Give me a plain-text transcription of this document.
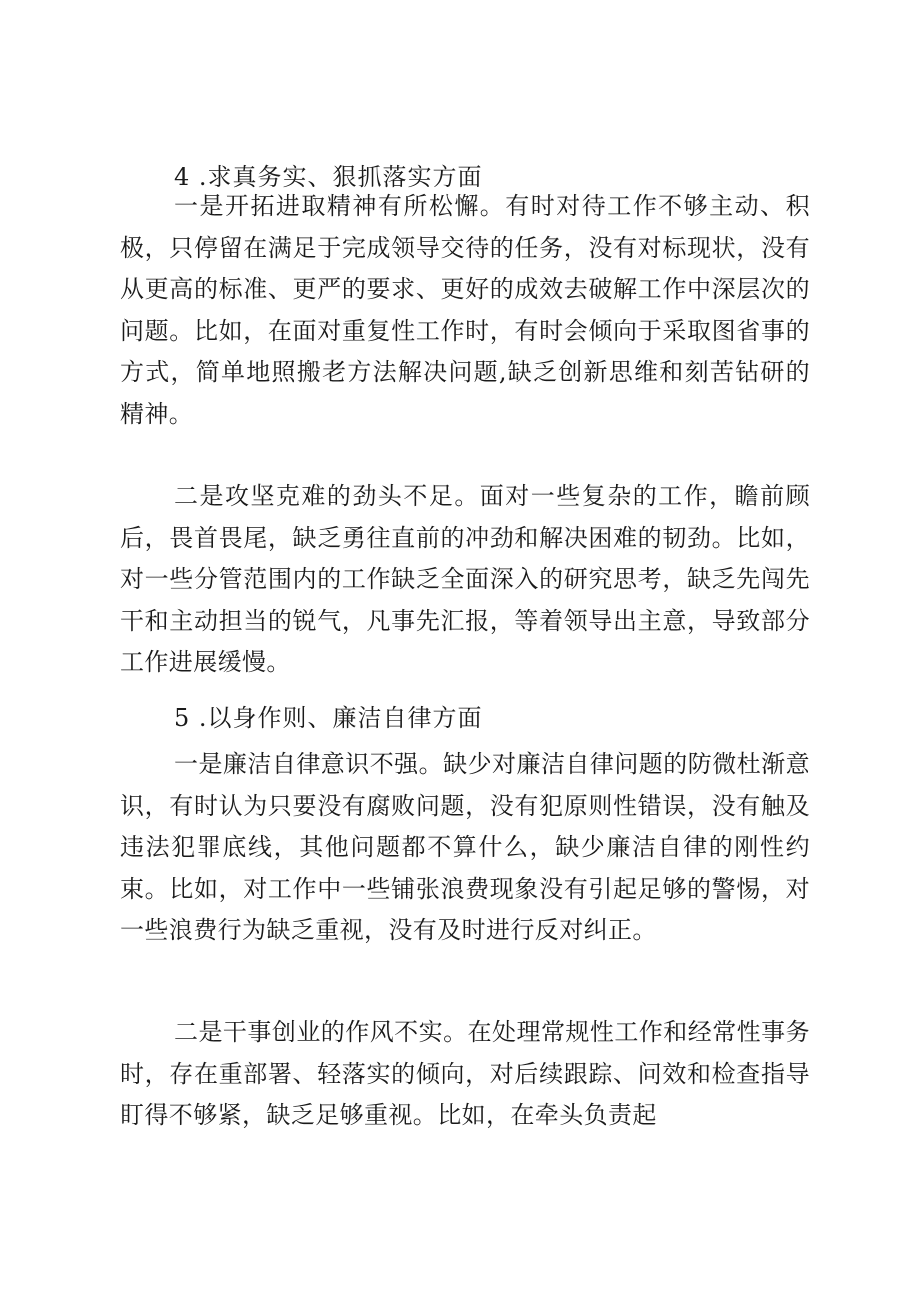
4 .求真务实、狠抓落实方面

一是开拓进取精神有所松懈。有时对待工作不够主动、积极，只停留在满足于完成领导交待的任务，没有对标现状，没有从更高的标准、更严的要求、更好的成效去破解工作中深层次的问题。比如，在面对重复性工作时，有时会倾向于采取图省事的方式，简单地照搬老方法解决问题,缺乏创新思维和刻苦钻研的精神。

二是攻坚克难的劲头不足。面对一些复杂的工作，瞻前顾后，畏首畏尾，缺乏勇往直前的冲劲和解决困难的韧劲。比如，对一些分管范围内的工作缺乏全面深入的研究思考，缺乏先闯先干和主动担当的锐气，凡事先汇报，等着领导出主意，导致部分工作进展缓慢。

5 .以身作则、廉洁自律方面

一是廉洁自律意识不强。缺少对廉洁自律问题的防微杜渐意识，有时认为只要没有腐败问题，没有犯原则性错误，没有触及违法犯罪底线，其他问题都不算什么，缺少廉洁自律的刚性约束。比如，对工作中一些铺张浪费现象没有引起足够的警惕，对一些浪费行为缺乏重视，没有及时进行反对纠正。

二是干事创业的作风不实。在处理常规性工作和经常性事务时，存在重部署、轻落实的倾向，对后续跟踪、问效和检查指导盯得不够紧，缺乏足够重视。比如，在牵头负责起
